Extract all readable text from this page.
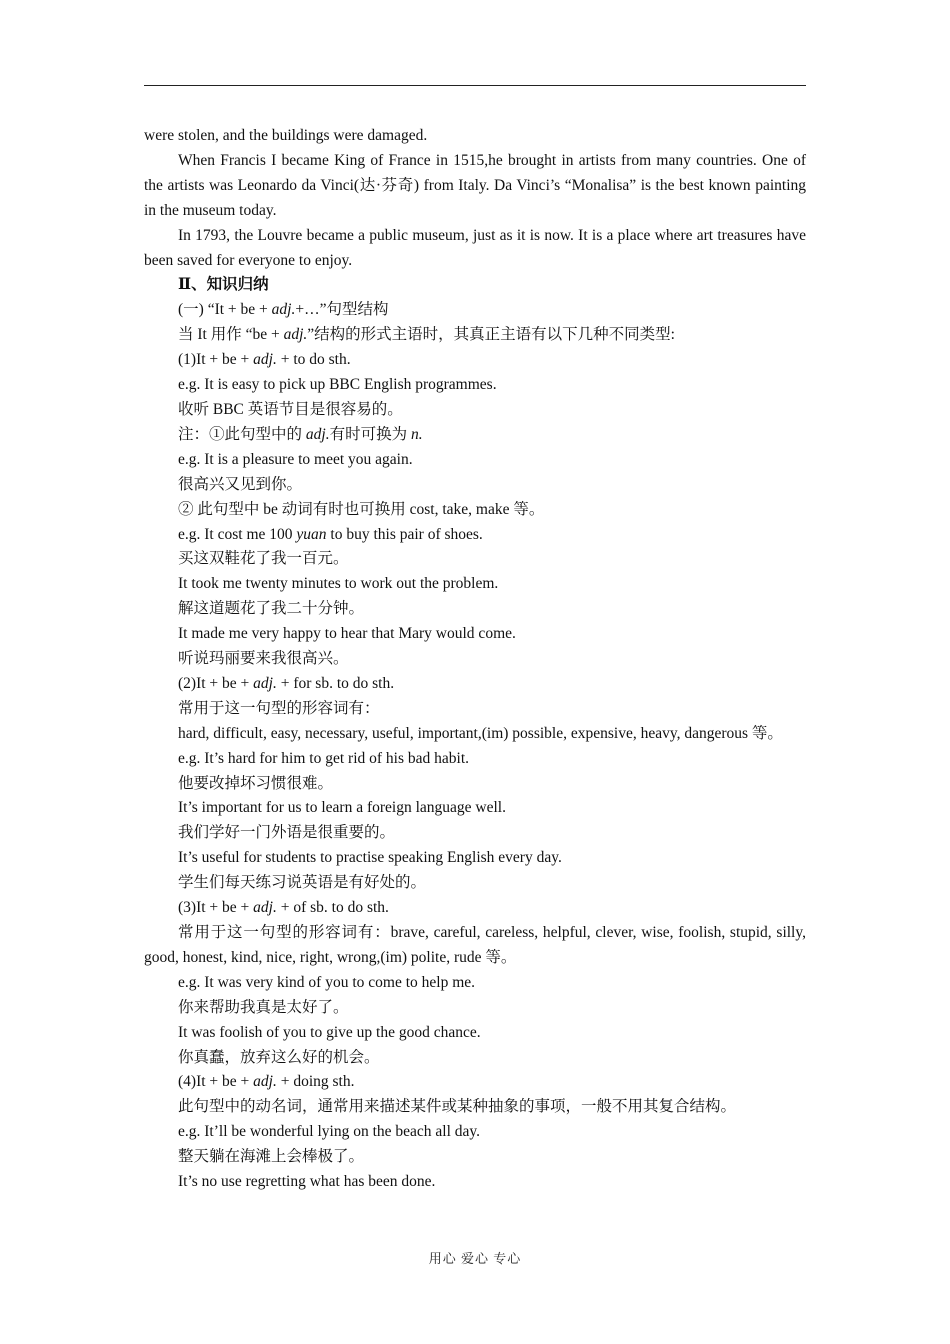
were stolen, and the buildings were damaged.

When Francis I became King of France in 1515,he brought in artists from many countries. One of the artists was Leonardo da Vinci(达·芬奇) from Italy. Da Vinci’s “Monalisa” is the best known painting in the museum today.

In 1793, the Louvre became a public museum, just as it is now. It is a place where art treasures have been saved for everyone to enjoy.

Ⅱ、知识归纳

(一) “It + be + adj.+…”句型结构

当 It 用作 “be + adj.”结构的形式主语时，其真正主语有以下几种不同类型:

(1)It + be + adj. + to do sth.

e.g. It is easy to pick up BBC English programmes.

收听 BBC 英语节目是很容易的。

注：①此句型中的 adj.有时可换为 n.

e.g. It is a pleasure to meet you again.

很高兴又见到你。

② 此句型中 be 动词有时也可换用 cost, take, make 等。

e.g. It cost me 100 yuan to buy this pair of shoes.

买这双鞋花了我一百元。

It took me twenty minutes to work out the problem.

解这道题花了我二十分钟。

It made me very happy to hear that Mary would come.

听说玛丽要来我很高兴。

(2)It + be + adj. + for sb. to do sth.

常用于这一句型的形容词有：

hard, difficult, easy, necessary, useful, important,(im) possible, expensive, heavy, dangerous 等。

e.g. It’s hard for him to get rid of his bad habit.

他要改掉坏习惯很难。

It’s important for us to learn a foreign language well.

我们学好一门外语是很重要的。

It’s useful for students to practise speaking English every day.

学生们每天练习说英语是有好处的。

(3)It + be + adj. + of sb. to do sth.

常用于这一句型的形容词有：brave, careful, careless, helpful, clever, wise, foolish, stupid, silly, good, honest, kind, nice, right, wrong,(im) polite, rude 等。

e.g. It was very kind of you to come to help me.

你来帮助我真是太好了。

It was foolish of you to give up the good chance.

你真蠢，放弃这么好的机会。

(4)It + be + adj. + doing sth.

此句型中的动名词，通常用来描述某件或某种抽象的事项，一般不用其复合结构。

e.g. It’ll be wonderful lying on the beach all day.

整天躺在海滩上会棒极了。

It’s no use regretting what has been done.

用心 爱心 专心
